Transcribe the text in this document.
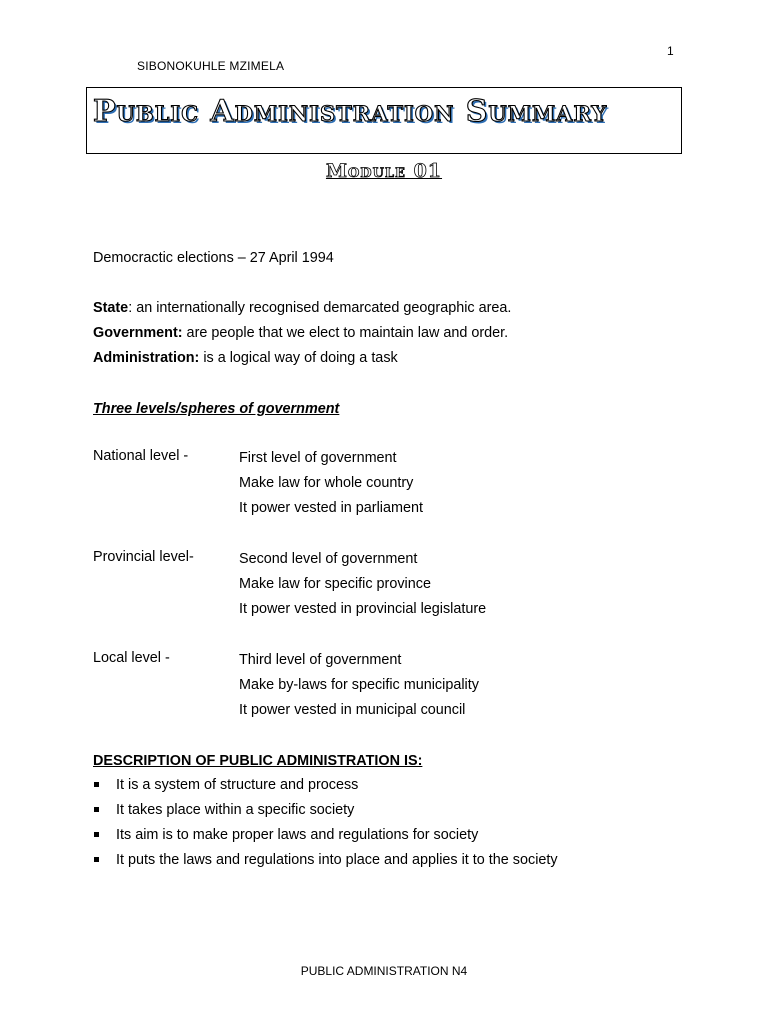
1
SIBONOKUHLE MZIMELA
Public Administration Summary
Module 01
Democractic elections – 27 April 1994
State: an internationally recognised demarcated geographic area.
Government: are people that we elect to maintain law and order.
Administration: is a logical way of doing a task
Three levels/spheres of government
National level -	First level of government
Make law for whole country
It power vested in parliament
Provincial level-	Second level of government
Make law for specific province
It power vested in provincial legislature
Local level -	Third level of government
Make by-laws for specific municipality
It power vested in municipal council
DESCRIPTION OF PUBLIC ADMINISTRATION IS:
It is a system of structure and process
It takes place within a specific society
Its aim is to make proper laws and regulations for society
It puts the laws and regulations into place and applies it to the society
PUBLIC ADMINISTRATION N4
